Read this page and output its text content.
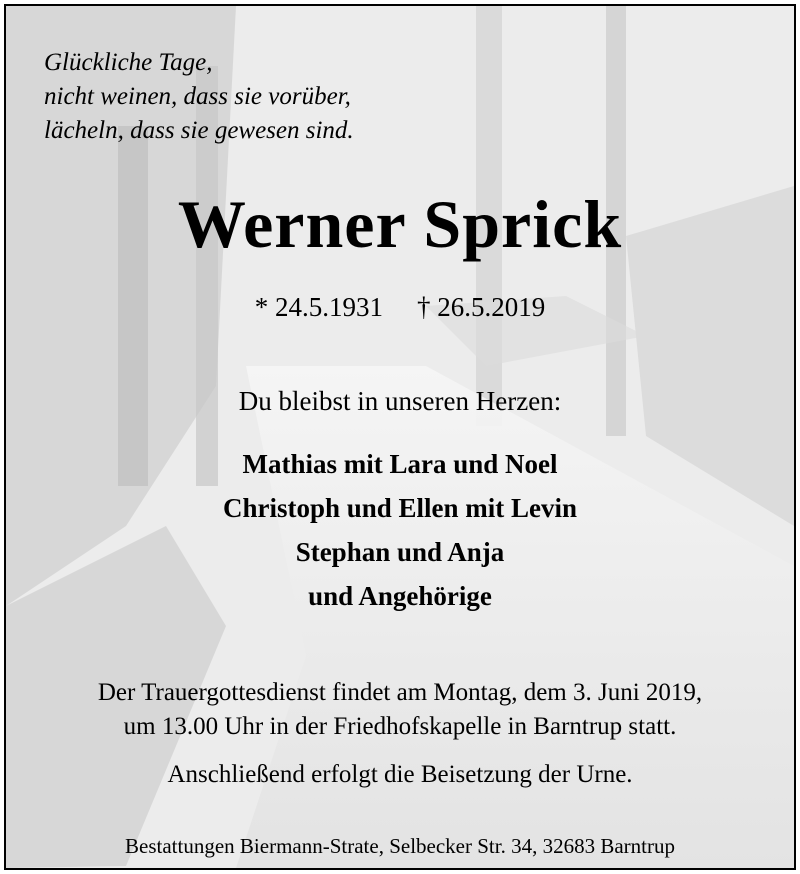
Glückliche Tage,
nicht weinen, dass sie vorüber,
lächeln, dass sie gewesen sind.
Werner Sprick
* 24.5.1931 † 26.5.2019
Du bleibst in unseren Herzen:
Mathias mit Lara und Noel
Christoph und Ellen mit Levin
Stephan und Anja
und Angehörige
Der Trauergottesdienst findet am Montag, dem 3. Juni 2019,
um 13.00 Uhr in der Friedhofskapelle in Barntrup statt.
Anschließend erfolgt die Beisetzung der Urne.
Bestattungen Biermann-Strate, Selbecker Str. 34, 32683 Barntrup
